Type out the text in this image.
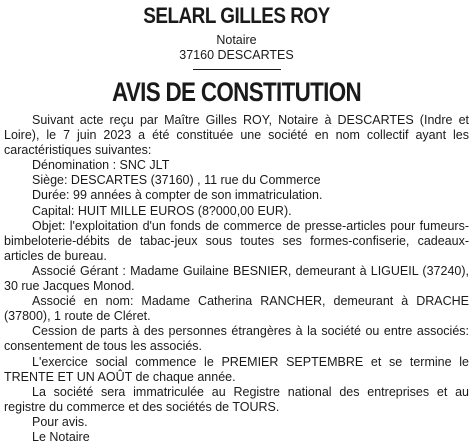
SELARL GILLES ROY
Notaire
37160 DESCARTES
AVIS DE CONSTITUTION

Suivant acte reçu par Maître Gilles ROY, Notaire à DESCARTES (Indre et Loire), le 7 juin 2023 a été constituée une société en nom collectif ayant les caractéristiques suivantes:

Dénomination : SNC JLT

Siège: DESCARTES (37160) , 11 rue du Commerce

Durée: 99 années à compter de son immatriculation.

Capital: HUIT MILLE EUROS (8?000,00 EUR).

Objet: l'exploitation d'un fonds de commerce de presse-articles pour fumeurs-bimbeloterie-débits de tabac-jeux sous toutes ses formes-confiserie, cadeaux-articles de bureau.

Associé Gérant : Madame Guilaine BESNIER, demeurant à LIGUEIL (37240), 30 rue Jacques Monod.

Associé en nom: Madame Catherina RANCHER, demeurant à DRACHE (37800), 1 route de Cléret.

Cession de parts à des personnes étrangères à la société ou entre associés: consentement de tous les associés.

L'exercice social commence le PREMIER SEPTEMBRE et se termine le TRENTE ET UN AOÛT de chaque année.

La société sera immatriculée au Registre national des entreprises et au registre du commerce et des sociétés de TOURS.

Pour avis.

Le Notaire
